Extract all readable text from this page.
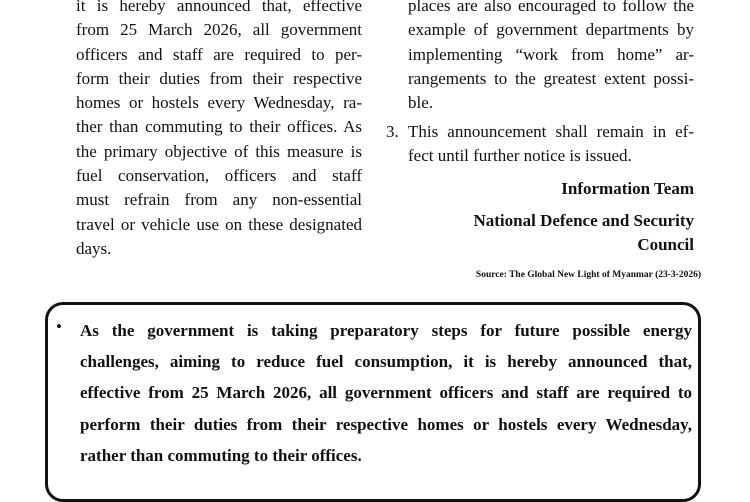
it is hereby announced that, effective
from 25 March 2026, all government
officers and staff are required to per-
form their duties from their respective
homes or hostels every Wednesday, ra-
ther than commuting to their offices. As
the primary objective of this measure is
fuel conservation, officers and staff
must refrain from any non-essential
travel or vehicle use on these designated
days.
places are also encouraged to follow the
example of government departments by
implementing “work from home” ar-
rangements to the greatest extent possi-
ble.
3. This announcement shall remain in ef-
fect until further notice is issued.
Information Team
National Defence and Security
Council
Source: The Global New Light of Myanmar (23-3-2026)
• As the government is taking preparatory steps for future possible energy
challenges, aiming to reduce fuel consumption, it is hereby announced that,
effective from 25 March 2026, all government officers and staff are required to
perform their duties from their respective homes or hostels every Wednesday,
rather than commuting to their offices.
